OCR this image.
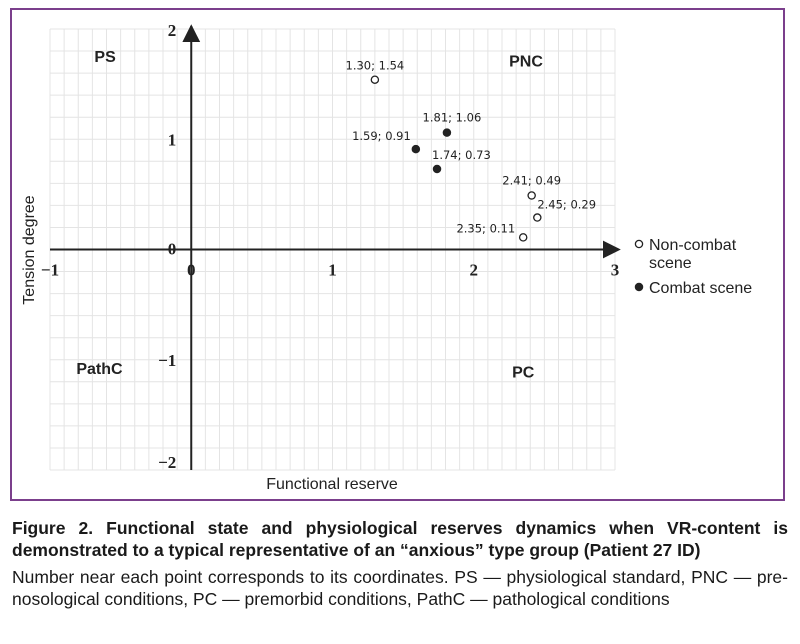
−1	0	1	2	3
2
1
0
−1
−2
PS	PNC
PathC	PC
1.30; 1.54
2.41; 0.49
2.45; 0.29
2.35; 0.11
1.81; 1.06
1.59; 0.91
1.74; 0.73
Non-combat
scene
Combat scene
Functional reserve
Tension degree
Figure 2. Functional state and physiological reserves dynamics when VR-content is demonstrated to a typical representative of an “anxious” type group (Patient 27 ID)
Number near each point corresponds to its coordinates. PS — physiological standard, PNC — pre-nosological conditions, PC — premorbid conditions, PathC — pathological conditions
